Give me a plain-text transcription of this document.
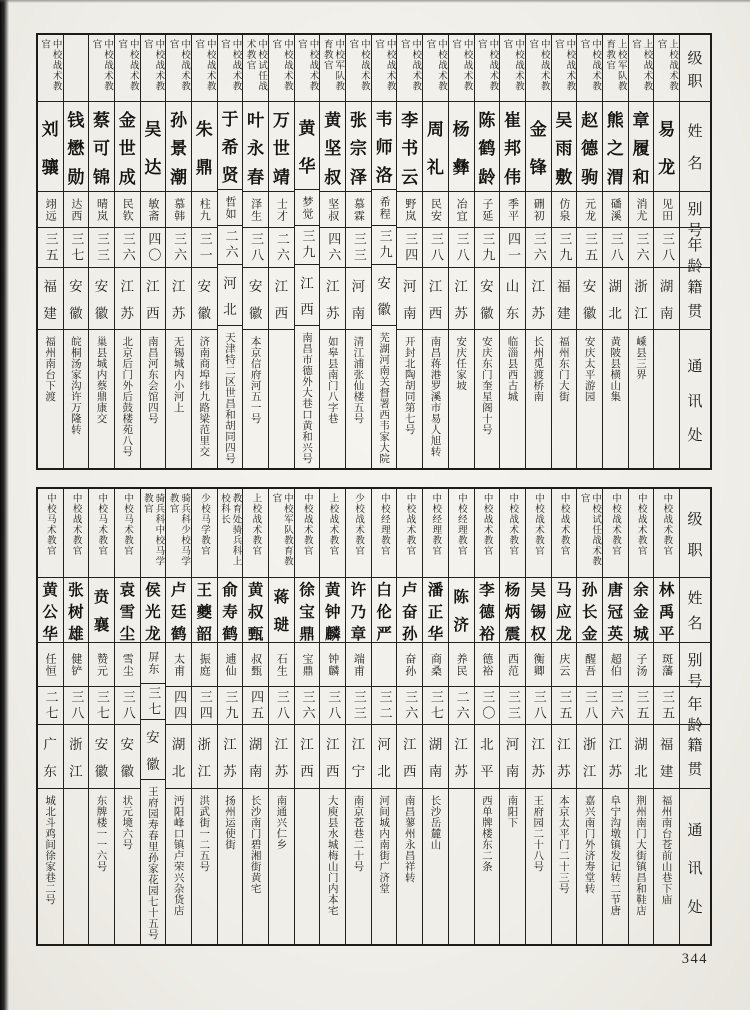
级
职
姓
名
别
号
年
龄
籍
贯
通
讯
处
上校战术教官
易
龙
见田
三八
湖
南
上校战术教官
章
履
和
消尤
三六
浙
江
嵊县三界
上校军队教育教官
熊
之
渭
磻溪
三八
湖
北
黄陂县横山集
中校战术教官
赵
德
驹
元龙
三五
安
徽
安庆太平游园
中校战术教官
吴
雨
敷
仿泉
三九
福
建
福州东门大街
中校战术教官
金
锋
硎初
三六
江
苏
长州觅渡桥南
中校战术教官
崔
邦
伟
季平
四一
山
东
临淄县西古城
中校战术教官
陈
鹤
龄
子延
三九
安
徽
安庆东门奎星阁十号
中校战术教官
杨
彝
冶宜
三八
江
苏
安庆任家坡
中校战术教官
周
礼
民安
三八
江
西
南昌蒋港罗溪市易人旭转
中校战术教官
李
书
云
野岚
三四
河
南
开封北陶胡同第七号
中校战术教官
韦
师
洛
希程
三九
安
徽
芜湖河南关督署西韦家大院
中校战术教官
张
宗
泽
慕霖
三三
河
南
清江浦张仙楼五号
中校军队教育教官
黄
坚
叔
坚叔
四六
江
苏
如皋县南门八字巷
中校战术教官
黄
华
梦觉
三九
江
西
南昌市德外大巷口黄和兴号
中校战术教官
万
世
靖
士才
二六
江
西
中校试任战术教官
叶
永
春
泽生
三八
安
徽
本京信府河五一号
中校战术教官
于
希
贤
哲如
二六
河
北
天津特二区世昌和胡同四号
中校战术教官
朱
鼎
柱九
三一
安
徽
济南商埠纬九路梁范里交
中校战术教官
孙
景
潮
慕韩
三六
江
苏
无锡城内小河上
中校战术教官
吴
达
敏斋
四〇
江
西
南昌河东会馆四号
中校战术教官
金
世
成
民钦
三六
江
苏
北京后门外后鼓楼苑八号
中校战术教官
蔡
可
锦
晴岚
三三
安
徽
巢县城内蔡鼎康交
钱
懋
勋
达西
三七
安
徽
皖桐汤家沟许万隆转
中校战术教官
刘
骧
翊远
三五
福
建
福州南台下渡
级
职
姓
名
别
号
年
龄
籍
贯
通
讯
处
中校战术教官
林
禹
平
斑藩
三五
福
建
福州南台苍前山巷下庙
中校战术教官
余
金
城
子汤
三五
湖
北
荆州南门大街镇昌和鞋店
中校战术教官
唐
冠
英
超伯
三六
江
苏
阜宁沟墩镇发记转二节唐
中校试任战术教官
孙
长
金
醒吾
三八
浙
江
嘉兴南门外济寿堂转
中校战术教官
马
应
龙
庆云
三五
江
苏
本京太平门二十三号
中校战术教官
吴
锡
权
衡卿
三八
江
苏
王府园二十八号
中校战术教官
杨
炳
震
西范
三三
河
南
南阳下
中校战术教官
李
德
裕
德裕
三〇
北
平
西单牌楼东二条
中校经理教官
陈
济
养民
二六
江
苏
中校经理教官
潘
正
华
商桑
三七
湖
南
长沙岳麓山
中校战术教官
卢
奋
孙
奋孙
三六
江
西
南昌蓼州永昌祥转
中校经理教官
白
伦
严
三二
河
北
河间城内南街广济堂
少校战术教官
许
乃
章
端甫
三三
江
宁
南京苍巷二十号
上校战术教官
黄
钟
麟
钟麟
三八
江
西
大庾县水城梅山门内本宅
中校战术教官
徐
宝
鼎
宝鼎
三六
江
西
中校军队教育教官
蒋
琎
石生
三八
江
苏
南通兴仁乡
上校战术教官
黄
叔
甄
叔甄
四五
湖
南
长沙南门碧湘街黄宅
教育处骑兵科上校科长
俞
寿
鹤
逋仙
三九
江
苏
扬州运使街
少校马学教官
王
夔
韶
振庭
三四
浙
江
洪武街一二五号
骑兵科少校马学教官
卢
廷
鹤
太甫
四四
湖
北
沔阳峰口镇卢荣兴杂货店
骑兵科中校马学教官
侯
光
龙
屏东
三七
安
徽
王府园寿春里孙家花园七十五号
中校马术教官
袁
雪
尘
雪尘
三八
安
徽
状元境六号
中校马术教官
贲
襄
赞元
三七
安
徽
东牌楼一一六号
中校战术教官
张
树
雄
健铲
三八
浙
江
中校马术教官
黄
公
华
任恒
二七
广
东
城北斗鸡间徐家巷二号
344
